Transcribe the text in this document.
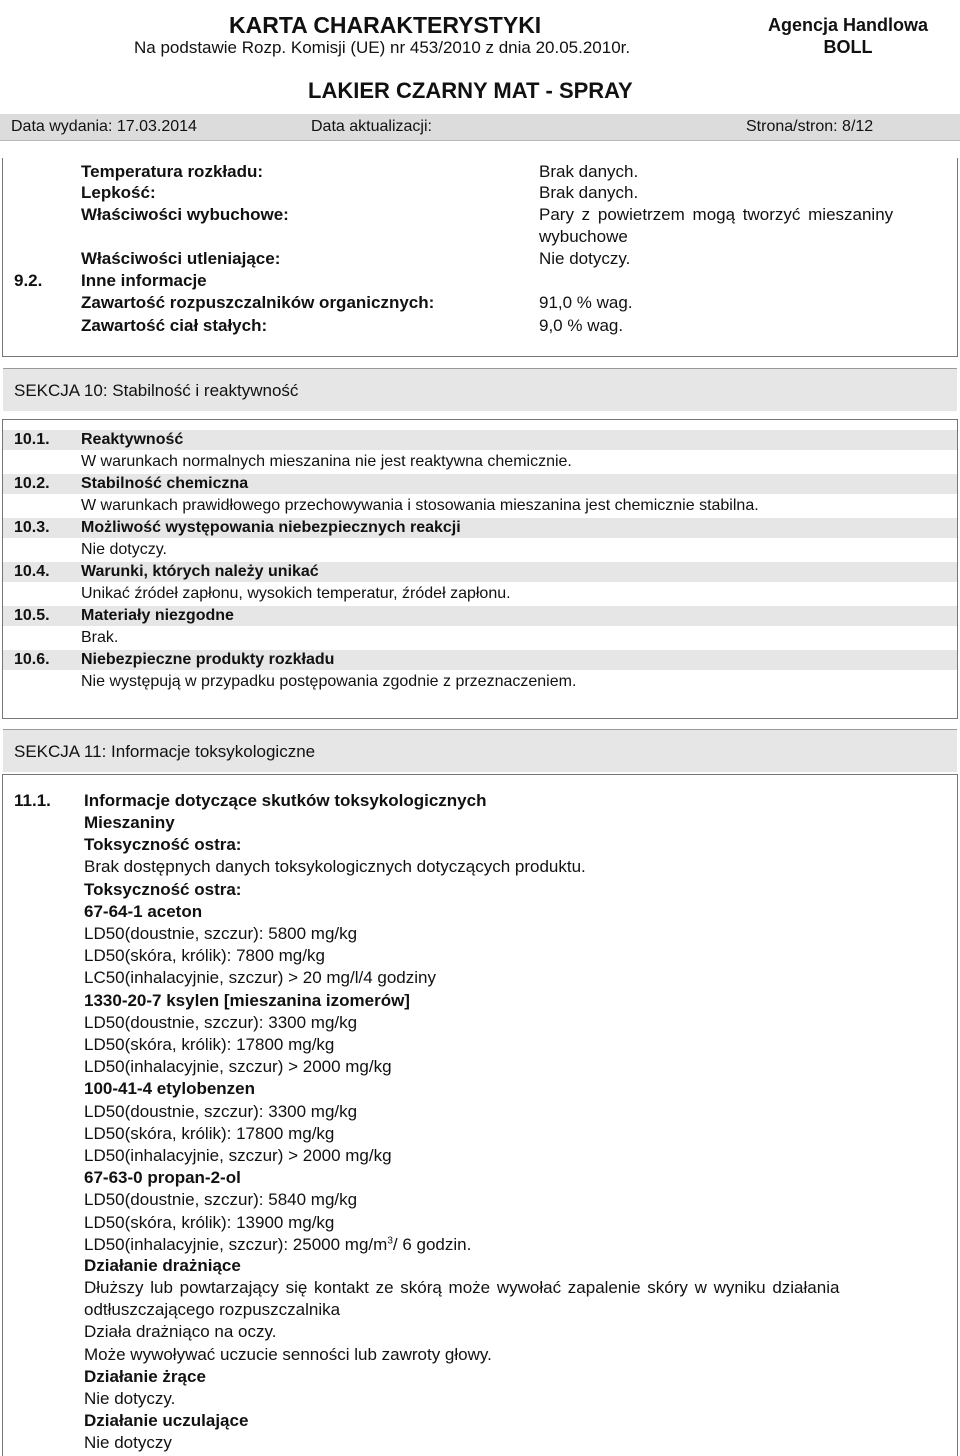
KARTA CHARAKTERYSTYKI
Na podstawie Rozp. Komisji (UE) nr 453/2010 z dnia 20.05.2010r.
Agencja Handlowa
BOLL
LAKIER CZARNY MAT - SPRAY
Data wydania: 17.03.2014	Data aktualizacji:	Strona/stron: 8/12
Temperatura rozkładu:	Brak danych.
Lepkość:	Brak danych.
Właściwości wybuchowe:	Pary z powietrzem mogą tworzyć mieszaniny
wybuchowe
Właściwości utleniające:	Nie dotyczy.
9.2. Inne informacje
Zawartość rozpuszczalników organicznych:	91,0 % wag.
Zawartość ciał stałych:	9,0 % wag.
SEKCJA 10: Stabilność i reaktywność
10.1. Reaktywność
W warunkach normalnych mieszanina nie jest reaktywna chemicznie.
10.2. Stabilność chemiczna
W warunkach prawidłowego przechowywania i stosowania mieszanina jest chemicznie stabilna.
10.3. Możliwość występowania niebezpiecznych reakcji
Nie dotyczy.
10.4. Warunki, których należy unikać
Unikać źródeł zapłonu, wysokich temperatur, źródeł zapłonu.
10.5. Materiały niezgodne
Brak.
10.6. Niebezpieczne produkty rozkładu
Nie występują w przypadku postępowania zgodnie z przeznaczeniem.
SEKCJA 11: Informacje toksykologiczne
11.1. Informacje dotyczące skutków toksykologicznych
Mieszaniny
Toksyczność ostra:
Brak dostępnych danych toksykologicznych dotyczących produktu.
Toksyczność ostra:
67-64-1 aceton
LD50(doustnie, szczur): 5800 mg/kg
LD50(skóra, królik): 7800 mg/kg
LC50(inhalacyjnie, szczur) > 20 mg/l/4 godziny
1330-20-7 ksylen [mieszanina izomerów]
LD50(doustnie, szczur): 3300 mg/kg
LD50(skóra, królik): 17800 mg/kg
LD50(inhalacyjnie, szczur) > 2000 mg/kg
100-41-4 etylobenzen
LD50(doustnie, szczur): 3300 mg/kg
LD50(skóra, królik): 17800 mg/kg
LD50(inhalacyjnie, szczur) > 2000 mg/kg
67-63-0 propan-2-ol
LD50(doustnie, szczur): 5840 mg/kg
LD50(skóra, królik): 13900 mg/kg
LD50(inhalacyjnie, szczur): 25000 $mg/m^3/$ 6 godzin.
Działanie drażniące
Dłuższy lub powtarzający się kontakt ze skórą może wywołać zapalenie skóry w wyniku działania
odtłuszczającego rozpuszczalnika
Działa drażniąco na oczy.
Może wywoływać uczucie senności lub zawroty głowy.
Działanie żrące
Nie dotyczy.
Działanie uczulające
Nie dotyczy
